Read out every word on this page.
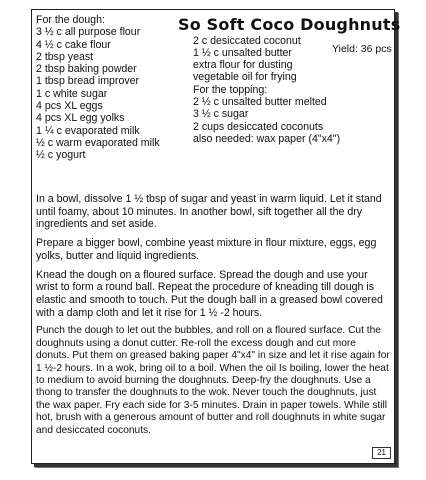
So Soft Coco Doughnuts
Yield: 36 pcs
For the dough:
3 ½ c all purpose flour
4 ½ c cake flour
2 tbsp yeast
2 tbsp baking powder
1 tbsp bread improver
1 c white sugar
4 pcs XL eggs
4 pcs XL egg yolks
1 ¼ c evaporated milk
½ c warm evaporated milk
½ c yogurt
2 c desiccated coconut
1 ½ c unsalted butter
extra flour for dusting
vegetable oil for frying
For the topping:
2 ½ c unsalted butter melted
3 ½ c sugar
2 cups desiccated coconuts
also needed: wax paper (4"x4")

In a bowl, dissolve 1 ½ tbsp of sugar and yeast in warm liquid. Let it stand until foamy, about 10 minutes. In another bowl, sift together all the dry ingredients and set aside.

Prepare a bigger bowl, combine yeast mixture in flour mixture, eggs, egg yolks, butter and liquid ingredients.

Knead the dough on a floured surface. Spread the dough and use your wrist to form a round ball. Repeat the procedure of kneading till dough is elastic and smooth to touch. Put the dough ball in a greased bowl covered with a damp cloth and let it rise for 1 ½ -2 hours.

Punch the dough to let out the bubbles, and roll on a floured surface. Cut the doughnuts using a donut cutter. Re-roll the excess dough and cut more donuts. Put them on greased baking paper 4"x4" in size and let it rise again for 1 ½-2 hours. In a wok, bring oil to a boil. When the oil Is boiling, lower the heat to medium to avoid burning the doughnuts. Deep-fry the doughnuts. Use a thong to transfer the doughnuts to the wok. Never touch the doughnuts, just the wax paper. Fry each side for 3-5 minutes. Drain in paper towels. While still hot, brush with a generous amount of butter and roll doughnuts in white sugar and desiccated coconuts.

21
